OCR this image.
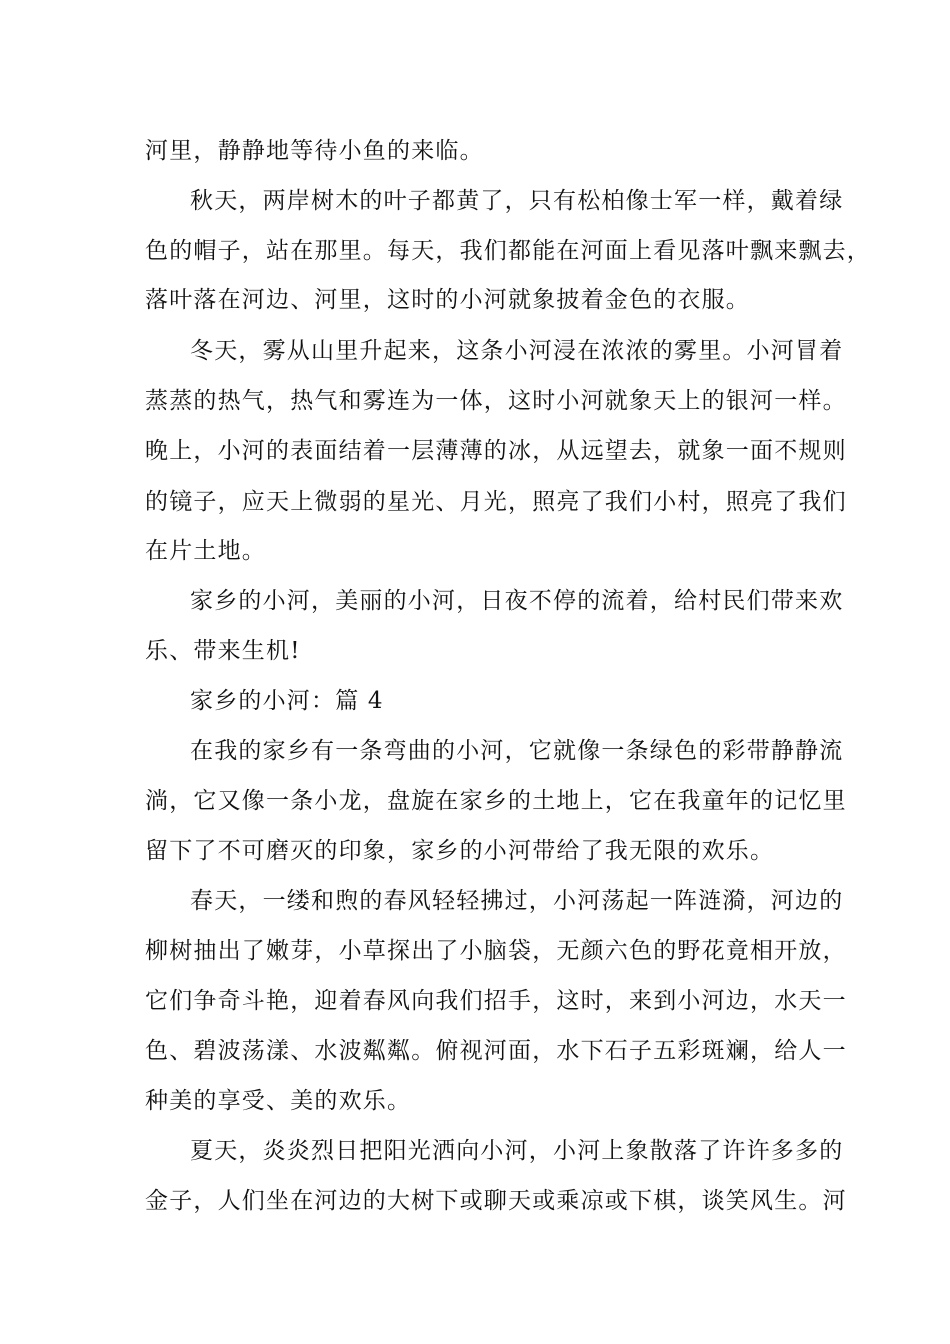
河里，静静地等待小鱼的来临。
秋天，两岸树木的叶子都黄了，只有松柏像士军一样，戴着绿
色的帽子，站在那里。每天，我们都能在河面上看见落叶飘来飘去，
落叶落在河边、河里，这时的小河就象披着金色的衣服。
冬天，雾从山里升起来，这条小河浸在浓浓的雾里。小河冒着
蒸蒸的热气，热气和雾连为一体，这时小河就象天上的银河一样。
晚上，小河的表面结着一层薄薄的冰，从远望去，就象一面不规则
的镜子，应天上微弱的星光、月光，照亮了我们小村，照亮了我们
在片土地。
家乡的小河，美丽的小河，日夜不停的流着，给村民们带来欢
乐、带来生机!
家乡的小河：篇 4
在我的家乡有一条弯曲的小河，它就像一条绿色的彩带静静流
淌，它又像一条小龙，盘旋在家乡的土地上，它在我童年的记忆里
留下了不可磨灭的印象，家乡的小河带给了我无限的欢乐。
春天，一缕和煦的春风轻轻拂过，小河荡起一阵涟漪，河边的
柳树抽出了嫩芽，小草探出了小脑袋，无颜六色的野花竟相开放，
它们争奇斗艳，迎着春风向我们招手，这时，来到小河边，水天一
色、碧波荡漾、水波粼粼。俯视河面，水下石子五彩斑斓，给人一
种美的享受、美的欢乐。
夏天，炎炎烈日把阳光洒向小河，小河上象散落了许许多多的
金子，人们坐在河边的大树下或聊天或乘凉或下棋，谈笑风生。河
